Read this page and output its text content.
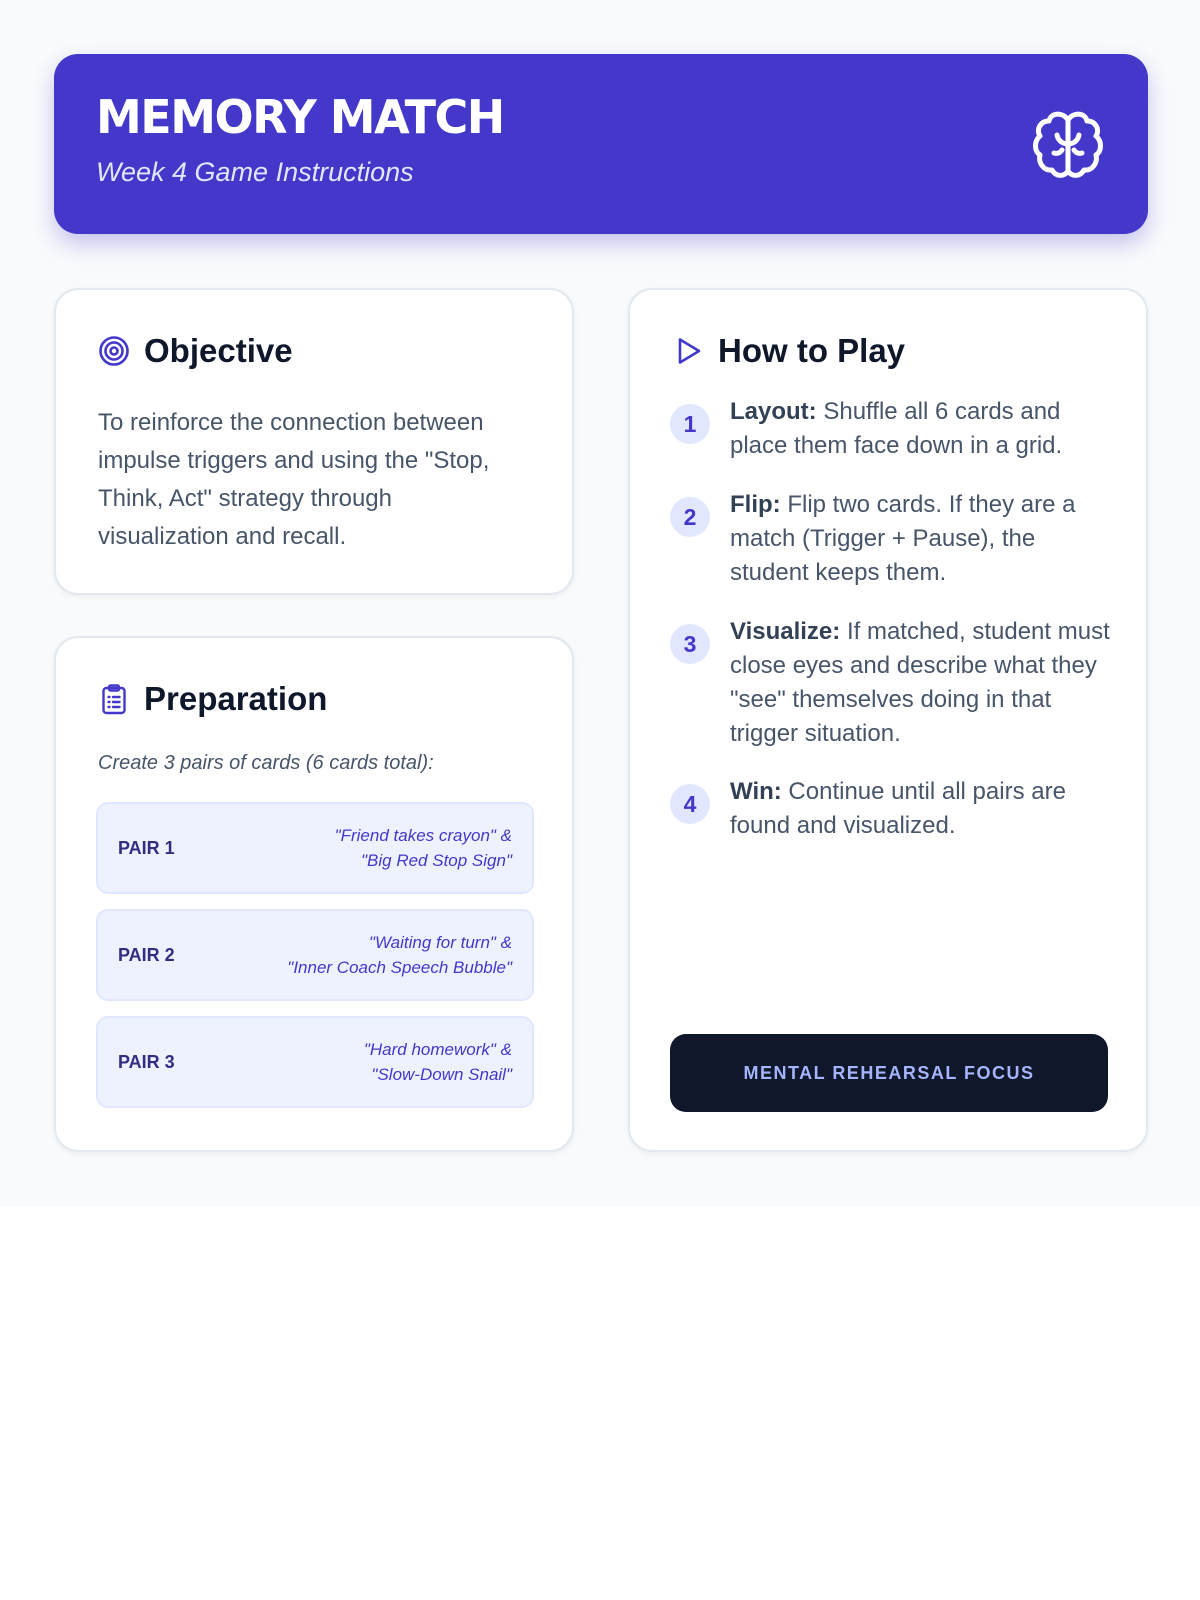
MEMORY MATCH
Week 4 Game Instructions
Objective
To reinforce the connection between impulse triggers and using the "Stop, Think, Act" strategy through visualization and recall.
Preparation
Create 3 pairs of cards (6 cards total):
PAIR 1
"Friend takes crayon" &
"Big Red Stop Sign"
PAIR 2
"Waiting for turn" &
"Inner Coach Speech Bubble"
PAIR 3
"Hard homework" &
"Slow-Down Snail"
How to Play
1	Layout: Shuffle all 6 cards and place them face down in a grid.
2	Flip: Flip two cards. If they are a match (Trigger + Pause), the student keeps them.
3	Visualize: If matched, student must close eyes and describe what they "see" themselves doing in that trigger situation.
4	Win: Continue until all pairs are found and visualized.
MENTAL REHEARSAL FOCUS
